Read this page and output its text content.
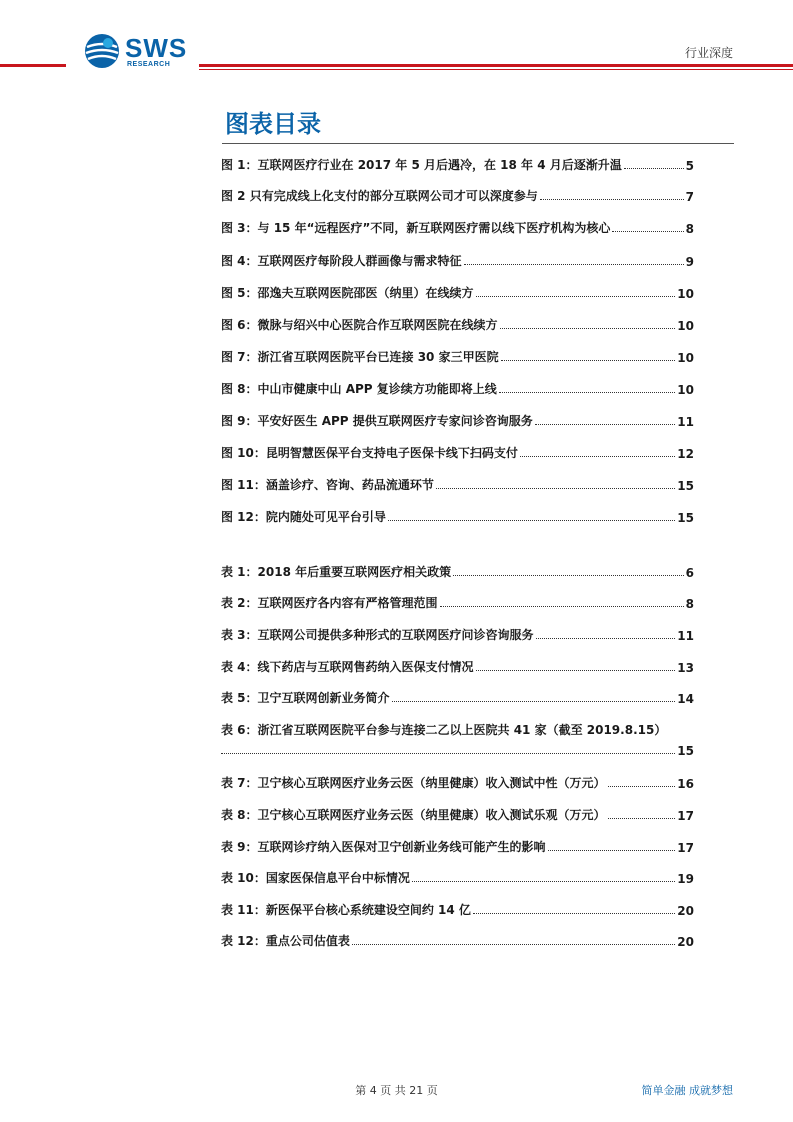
SWS
RESEARCH
行业深度
图表目录
图 1：互联网医疗行业在 2017 年 5 月后遇冷，在 18 年 4 月后逐渐升温	5
图 2 只有完成线上化支付的部分互联网公司才可以深度参与	7
图 3：与 15 年“远程医疗”不同，新互联网医疗需以线下医疗机构为核心	8
图 4：互联网医疗每阶段人群画像与需求特征	9
图 5：邵逸夫互联网医院邵医（纳里）在线续方	10
图 6：微脉与绍兴中心医院合作互联网医院在线续方	10
图 7：浙江省互联网医院平台已连接 30 家三甲医院	10
图 8：中山市健康中山 APP 复诊续方功能即将上线	10
图 9：平安好医生 APP 提供互联网医疗专家问诊咨询服务	11
图 10：昆明智慧医保平台支持电子医保卡线下扫码支付	12
图 11：涵盖诊疗、咨询、药品流通环节	15
图 12：院内随处可见平台引导	15
表 1：2018 年后重要互联网医疗相关政策	6
表 2：互联网医疗各内容有严格管理范围	8
表 3：互联网公司提供多种形式的互联网医疗问诊咨询服务	11
表 4：线下药店与互联网售药纳入医保支付情况	13
表 5：卫宁互联网创新业务简介	14
表 6：浙江省互联网医院平台参与连接二乙以上医院共 41 家（截至 2019.8.15）
15
表 7：卫宁核心互联网医疗业务云医（纳里健康）收入测试中性（万元）	16
表 8：卫宁核心互联网医疗业务云医（纳里健康）收入测试乐观（万元）	17
表 9：互联网诊疗纳入医保对卫宁创新业务线可能产生的影响	17
表 10：国家医保信息平台中标情况	19
表 11：新医保平台核心系统建设空间约 14 亿	20
表 12：重点公司估值表	20
第 4 页 共 21 页	简单金融 成就梦想
